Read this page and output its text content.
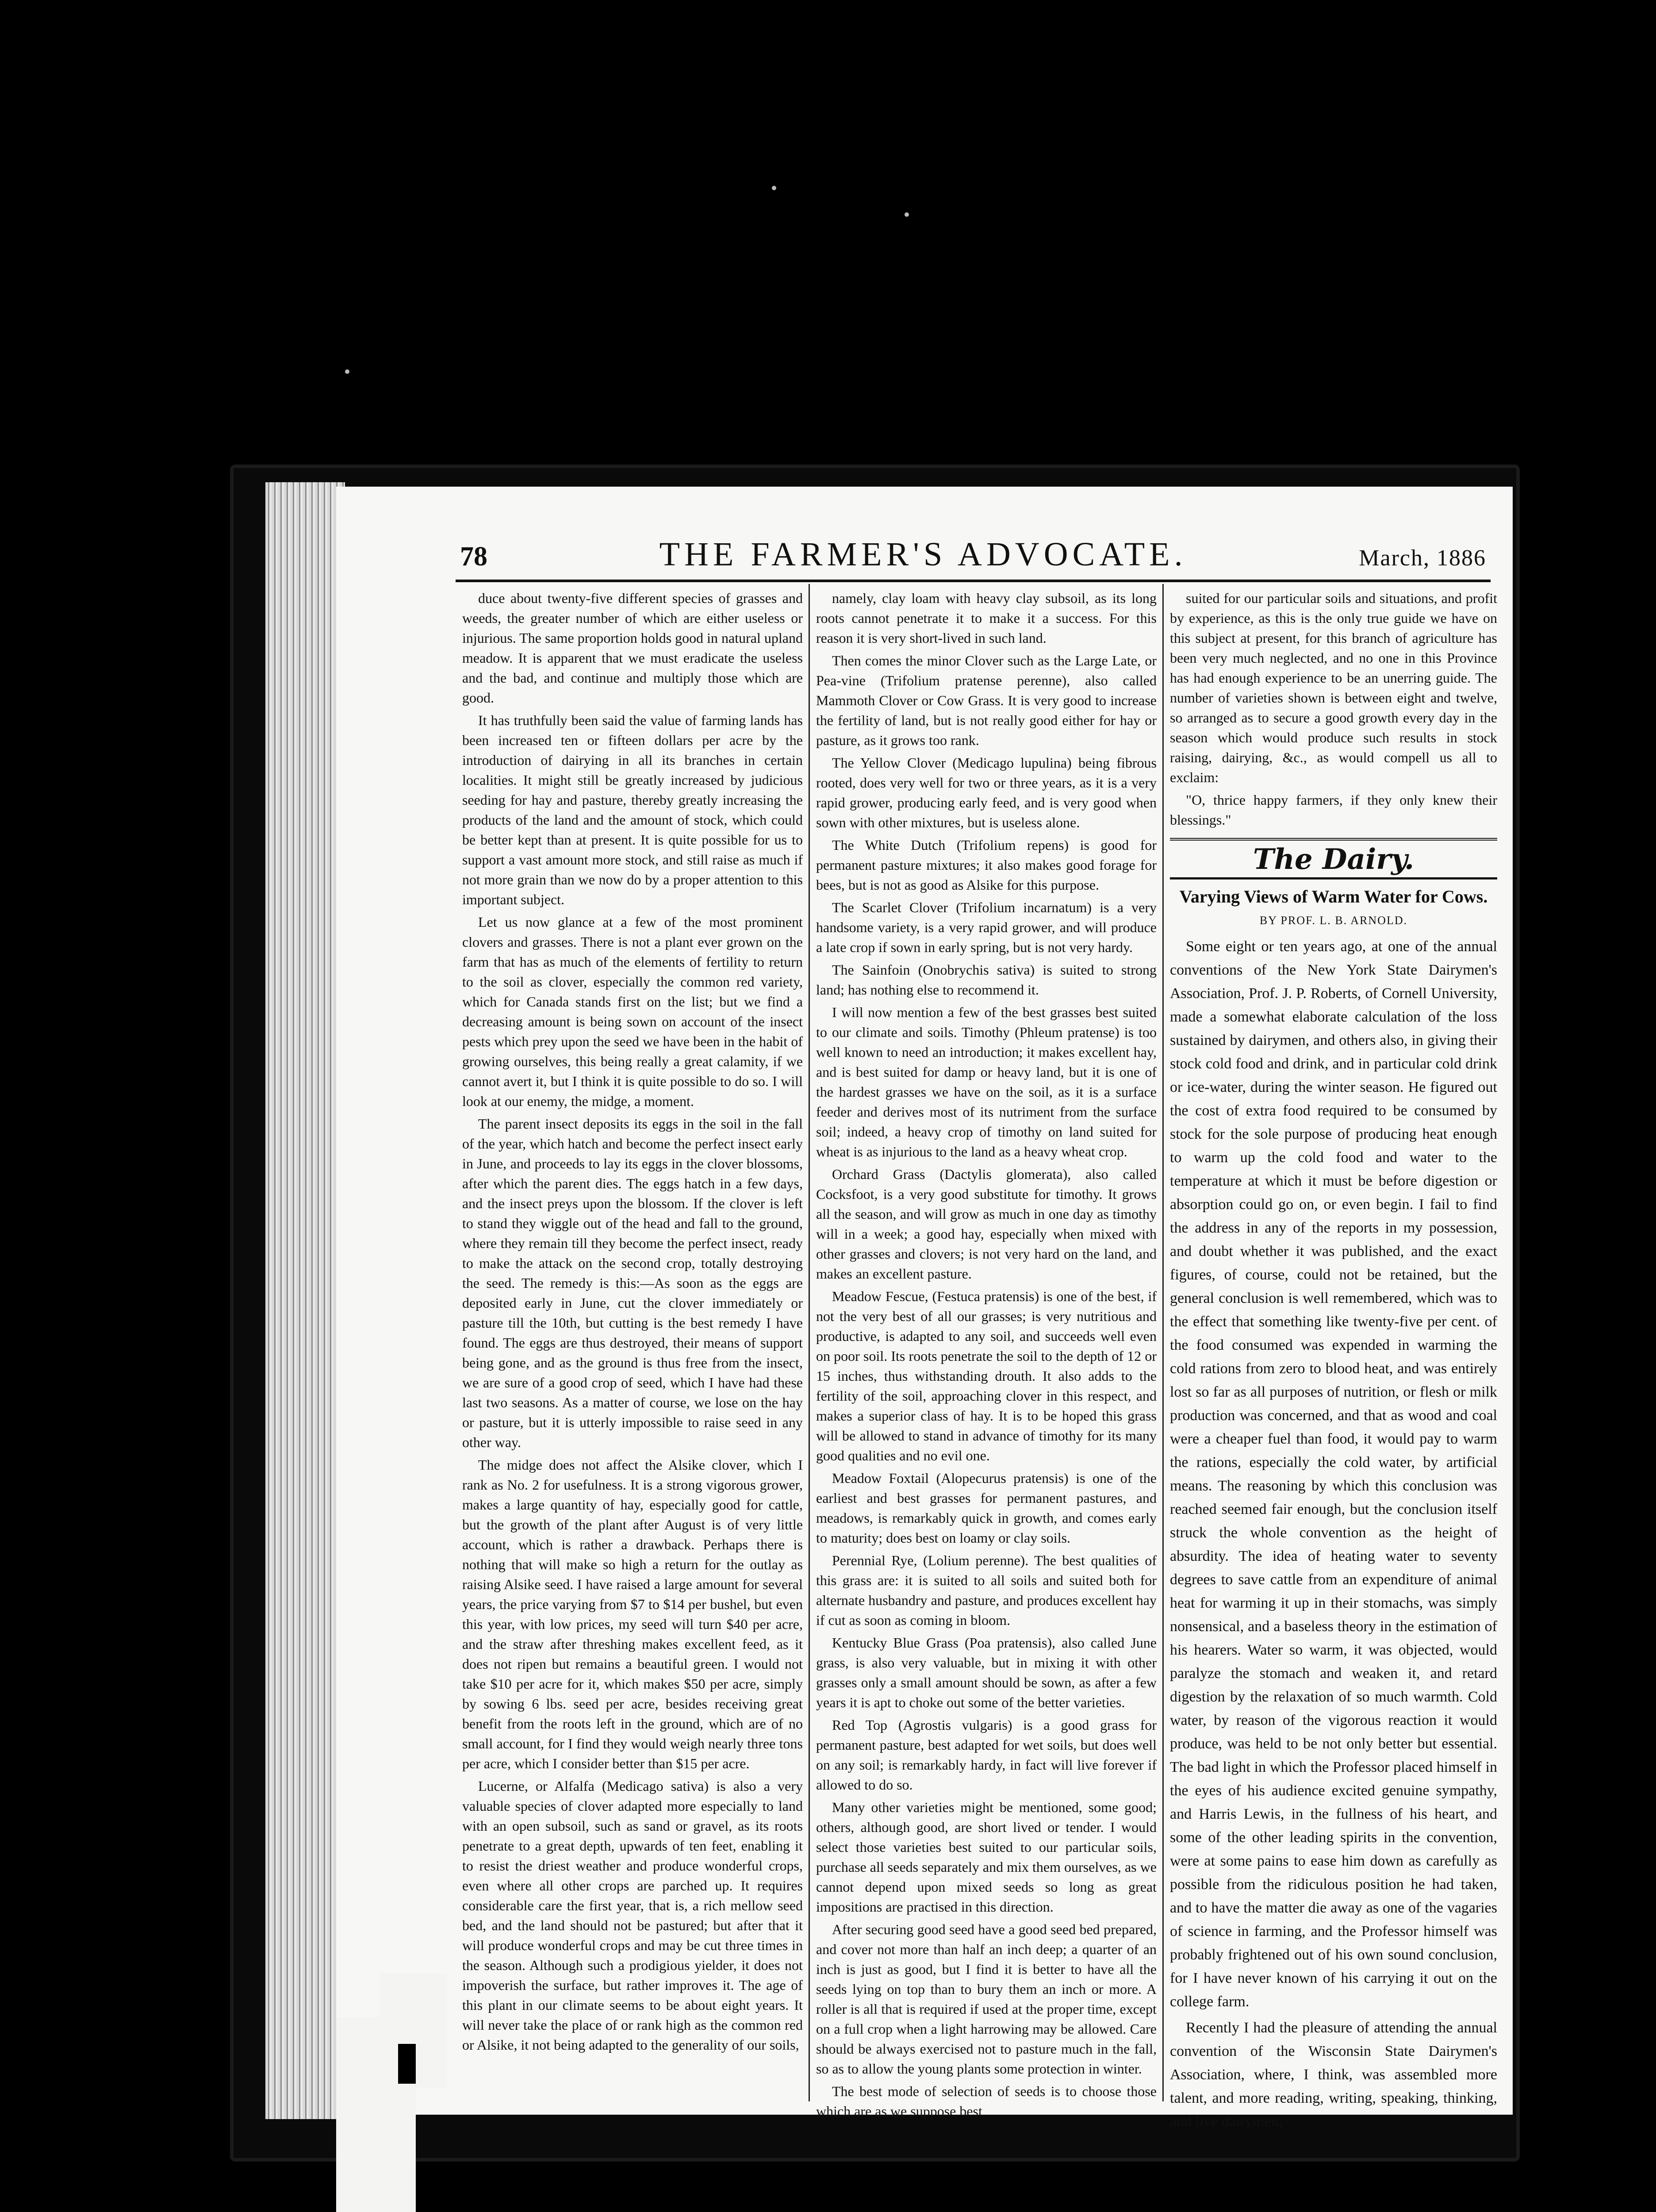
78	THE FARMER'S ADVOCATE.	March, 1886

duce about twenty-five different species of grasses and weeds, the greater number of which are either useless or injurious. The same proportion holds good in natural upland meadow. It is apparent that we must eradicate the useless and the bad, and continue and multiply those which are good.

It has truthfully been said the value of farming lands has been increased ten or fifteen dollars per acre by the introduction of dairying in all its branches in certain localities. It might still be greatly increased by judicious seeding for hay and pasture, thereby greatly increasing the products of the land and the amount of stock, which could be better kept than at present. It is quite possible for us to support a vast amount more stock, and still raise as much if not more grain than we now do by a proper attention to this important subject.

Let us now glance at a few of the most prominent clovers and grasses. There is not a plant ever grown on the farm that has as much of the elements of fertility to return to the soil as clover, especially the common red variety, which for Canada stands first on the list; but we find a decreasing amount is being sown on account of the insect pests which prey upon the seed we have been in the habit of growing ourselves, this being really a great calamity, if we cannot avert it, but I think it is quite possible to do so. I will look at our enemy, the midge, a moment.

The parent insect deposits its eggs in the soil in the fall of the year, which hatch and become the perfect insect early in June, and proceeds to lay its eggs in the clover blossoms, after which the parent dies. The eggs hatch in a few days, and the insect preys upon the blossom. If the clover is left to stand they wiggle out of the head and fall to the ground, where they remain till they become the perfect insect, ready to make the attack on the second crop, totally destroying the seed. The remedy is this:—As soon as the eggs are deposited early in June, cut the clover immediately or pasture till the 10th, but cutting is the best remedy I have found. The eggs are thus destroyed, their means of support being gone, and as the ground is thus free from the insect, we are sure of a good crop of seed, which I have had these last two seasons. As a matter of course, we lose on the hay or pasture, but it is utterly impossible to raise seed in any other way.

The midge does not affect the Alsike clover, which I rank as No. 2 for usefulness. It is a strong vigorous grower, makes a large quantity of hay, especially good for cattle, but the growth of the plant after August is of very little account, which is rather a drawback. Perhaps there is nothing that will make so high a return for the outlay as raising Alsike seed. I have raised a large amount for several years, the price varying from $7 to $14 per bushel, but even this year, with low prices, my seed will turn $40 per acre, and the straw after threshing makes excellent feed, as it does not ripen but remains a beautiful green. I would not take $10 per acre for it, which makes $50 per acre, simply by sowing 6 lbs. seed per acre, besides receiving great benefit from the roots left in the ground, which are of no small account, for I find they would weigh nearly three tons per acre, which I consider better than $15 per acre.

Lucerne, or Alfalfa (Medicago sativa) is also a very valuable species of clover adapted more especially to land with an open subsoil, such as sand or gravel, as its roots penetrate to a great depth, upwards of ten feet, enabling it to resist the driest weather and produce wonderful crops, even where all other crops are parched up. It requires considerable care the first year, that is, a rich mellow seed bed, and the land should not be pastured; but after that it will produce wonderful crops and may be cut three times in the season. Although such a prodigious yielder, it does not impoverish the surface, but rather improves it. The age of this plant in our climate seems to be about eight years. It will never take the place of or rank high as the common red or Alsike, it not being adapted to the generality of our soils,

namely, clay loam with heavy clay subsoil, as its long roots cannot penetrate it to make it a success. For this reason it is very short-lived in such land.

Then comes the minor Clover such as the Large Late, or Pea-vine (Trifolium pratense perenne), also called Mammoth Clover or Cow Grass. It is very good to increase the fertility of land, but is not really good either for hay or pasture, as it grows too rank.

The Yellow Clover (Medicago lupulina) being fibrous rooted, does very well for two or three years, as it is a very rapid grower, producing early feed, and is very good when sown with other mixtures, but is useless alone.

The White Dutch (Trifolium repens) is good for permanent pasture mixtures; it also makes good forage for bees, but is not as good as Alsike for this purpose.

The Scarlet Clover (Trifolium incarnatum) is a very handsome variety, is a very rapid grower, and will produce a late crop if sown in early spring, but is not very hardy.

The Sainfoin (Onobrychis sativa) is suited to strong land; has nothing else to recommend it.

I will now mention a few of the best grasses best suited to our climate and soils. Timothy (Phleum pratense) is too well known to need an introduction; it makes excellent hay, and is best suited for damp or heavy land, but it is one of the hardest grasses we have on the soil, as it is a surface feeder and derives most of its nutriment from the surface soil; indeed, a heavy crop of timothy on land suited for wheat is as injurious to the land as a heavy wheat crop.

Orchard Grass (Dactylis glomerata), also called Cocksfoot, is a very good substitute for timothy. It grows all the season, and will grow as much in one day as timothy will in a week; a good hay, especially when mixed with other grasses and clovers; is not very hard on the land, and makes an excellent pasture.

Meadow Fescue, (Festuca pratensis) is one of the best, if not the very best of all our grasses; is very nutritious and productive, is adapted to any soil, and succeeds well even on poor soil. Its roots penetrate the soil to the depth of 12 or 15 inches, thus withstanding drouth. It also adds to the fertility of the soil, approaching clover in this respect, and makes a superior class of hay. It is to be hoped this grass will be allowed to stand in advance of timothy for its many good qualities and no evil one.

Meadow Foxtail (Alopecurus pratensis) is one of the earliest and best grasses for permanent pastures, and meadows, is remarkably quick in growth, and comes early to maturity; does best on loamy or clay soils.

Perennial Rye, (Lolium perenne). The best qualities of this grass are: it is suited to all soils and suited both for alternate husbandry and pasture, and produces excellent hay if cut as soon as coming in bloom.

Kentucky Blue Grass (Poa pratensis), also called June grass, is also very valuable, but in mixing it with other grasses only a small amount should be sown, as after a few years it is apt to choke out some of the better varieties.

Red Top (Agrostis vulgaris) is a good grass for permanent pasture, best adapted for wet soils, but does well on any soil; is remarkably hardy, in fact will live forever if allowed to do so.

Many other varieties might be mentioned, some good; others, although good, are short lived or tender. I would select those varieties best suited to our particular soils, purchase all seeds separately and mix them ourselves, as we cannot depend upon mixed seeds so long as great impositions are practised in this direction.

After securing good seed have a good seed bed prepared, and cover not more than half an inch deep; a quarter of an inch is just as good, but I find it is better to have all the seeds lying on top than to bury them an inch or more. A roller is all that is required if used at the proper time, except on a full crop when a light harrowing may be allowed. Care should be always exercised not to pasture much in the fall, so as to allow the young plants some protection in winter.

The best mode of selection of seeds is to choose those which are as we suppose best

suited for our particular soils and situations, and profit by experience, as this is the only true guide we have on this subject at present, for this branch of agriculture has been very much neglected, and no one in this Province has had enough experience to be an unerring guide. The number of varieties shown is between eight and twelve, so arranged as to secure a good growth every day in the season which would produce such results in stock raising, dairying, &c., as would compell us all to exclaim:

"O, thrice happy farmers, if they only knew their blessings."

The Dairy.
Varying Views of Warm Water for Cows.
BY PROF. L. B. ARNOLD.

Some eight or ten years ago, at one of the annual conventions of the New York State Dairymen's Association, Prof. J. P. Roberts, of Cornell University, made a somewhat elaborate calculation of the loss sustained by dairymen, and others also, in giving their stock cold food and drink, and in particular cold drink or ice-water, during the winter season. He figured out the cost of extra food required to be consumed by stock for the sole purpose of producing heat enough to warm up the cold food and water to the temperature at which it must be before digestion or absorption could go on, or even begin. I fail to find the address in any of the reports in my possession, and doubt whether it was published, and the exact figures, of course, could not be retained, but the general conclusion is well remembered, which was to the effect that something like twenty-five per cent. of the food consumed was expended in warming the cold rations from zero to blood heat, and was entirely lost so far as all purposes of nutrition, or flesh or milk production was concerned, and that as wood and coal were a cheaper fuel than food, it would pay to warm the rations, especially the cold water, by artificial means. The reasoning by which this conclusion was reached seemed fair enough, but the conclusion itself struck the whole convention as the height of absurdity. The idea of heating water to seventy degrees to save cattle from an expenditure of animal heat for warming it up in their stomachs, was simply nonsensical, and a baseless theory in the estimation of his hearers. Water so warm, it was objected, would paralyze the stomach and weaken it, and retard digestion by the relaxation of so much warmth. Cold water, by reason of the vigorous reaction it would produce, was held to be not only better but essential. The bad light in which the Professor placed himself in the eyes of his audience excited genuine sympathy, and Harris Lewis, in the fullness of his heart, and some of the other leading spirits in the convention, were at some pains to ease him down as carefully as possible from the ridiculous position he had taken, and to have the matter die away as one of the vagaries of science in farming, and the Professor himself was probably frightened out of his own sound conclusion, for I have never known of his carrying it out on the college farm.

Recently I had the pleasure of attending the annual convention of the Wisconsin State Dairymen's Association, where, I think, was assembled more talent, and more reading, writing, speaking, thinking, and live dairymen,
